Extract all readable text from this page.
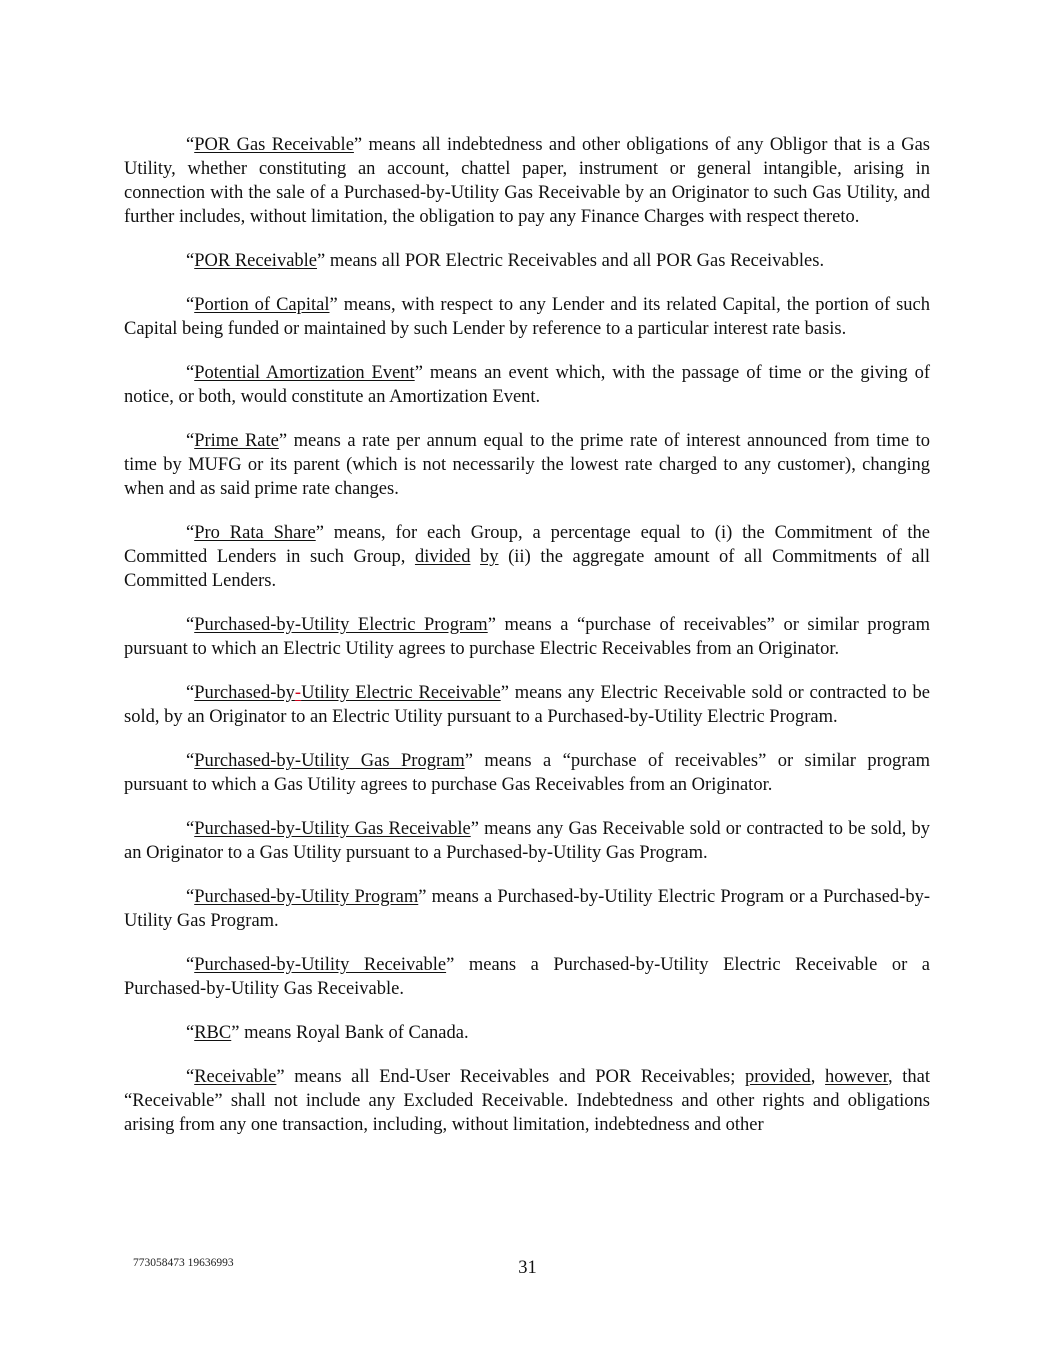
“POR Gas Receivable” means all indebtedness and other obligations of any Obligor that is a Gas Utility, whether constituting an account, chattel paper, instrument or general intangible, arising in connection with the sale of a Purchased-by-Utility Gas Receivable by an Originator to such Gas Utility, and further includes, without limitation, the obligation to pay any Finance Charges with respect thereto.

“POR Receivable” means all POR Electric Receivables and all POR Gas Receivables.

“Portion of Capital” means, with respect to any Lender and its related Capital, the portion of such Capital being funded or maintained by such Lender by reference to a particular interest rate basis.

“Potential Amortization Event” means an event which, with the passage of time or the giving of notice, or both, would constitute an Amortization Event.

“Prime Rate” means a rate per annum equal to the prime rate of interest announced from time to time by MUFG or its parent (which is not necessarily the lowest rate charged to any customer), changing when and as said prime rate changes.

“Pro Rata Share” means, for each Group, a percentage equal to (i) the Commitment of the Committed Lenders in such Group, divided by (ii) the aggregate amount of all Commitments of all Committed Lenders.

“Purchased-by-Utility Electric Program” means a “purchase of receivables” or similar program pursuant to which an Electric Utility agrees to purchase Electric Receivables from an Originator.

“Purchased-by-Utility Electric Receivable” means any Electric Receivable sold or contracted to be sold, by an Originator to an Electric Utility pursuant to a Purchased-by-Utility Electric Program.

“Purchased-by-Utility Gas Program” means a “purchase of receivables” or similar program pursuant to which a Gas Utility agrees to purchase Gas Receivables from an Originator.

“Purchased-by-Utility Gas Receivable” means any Gas Receivable sold or contracted to be sold, by an Originator to a Gas Utility pursuant to a Purchased-by-Utility Gas Program.

“Purchased-by-Utility Program” means a Purchased-by-Utility Electric Program or a Purchased-by-Utility Gas Program.

“Purchased-by-Utility Receivable” means a Purchased-by-Utility Electric Receivable or a Purchased-by-Utility Gas Receivable.

“RBC” means Royal Bank of Canada.

“Receivable” means all End-User Receivables and POR Receivables; provided, however, that “Receivable” shall not include any Excluded Receivable. Indebtedness and other rights and obligations arising from any one transaction, including, without limitation, indebtedness and other

773058473 19636993	31
